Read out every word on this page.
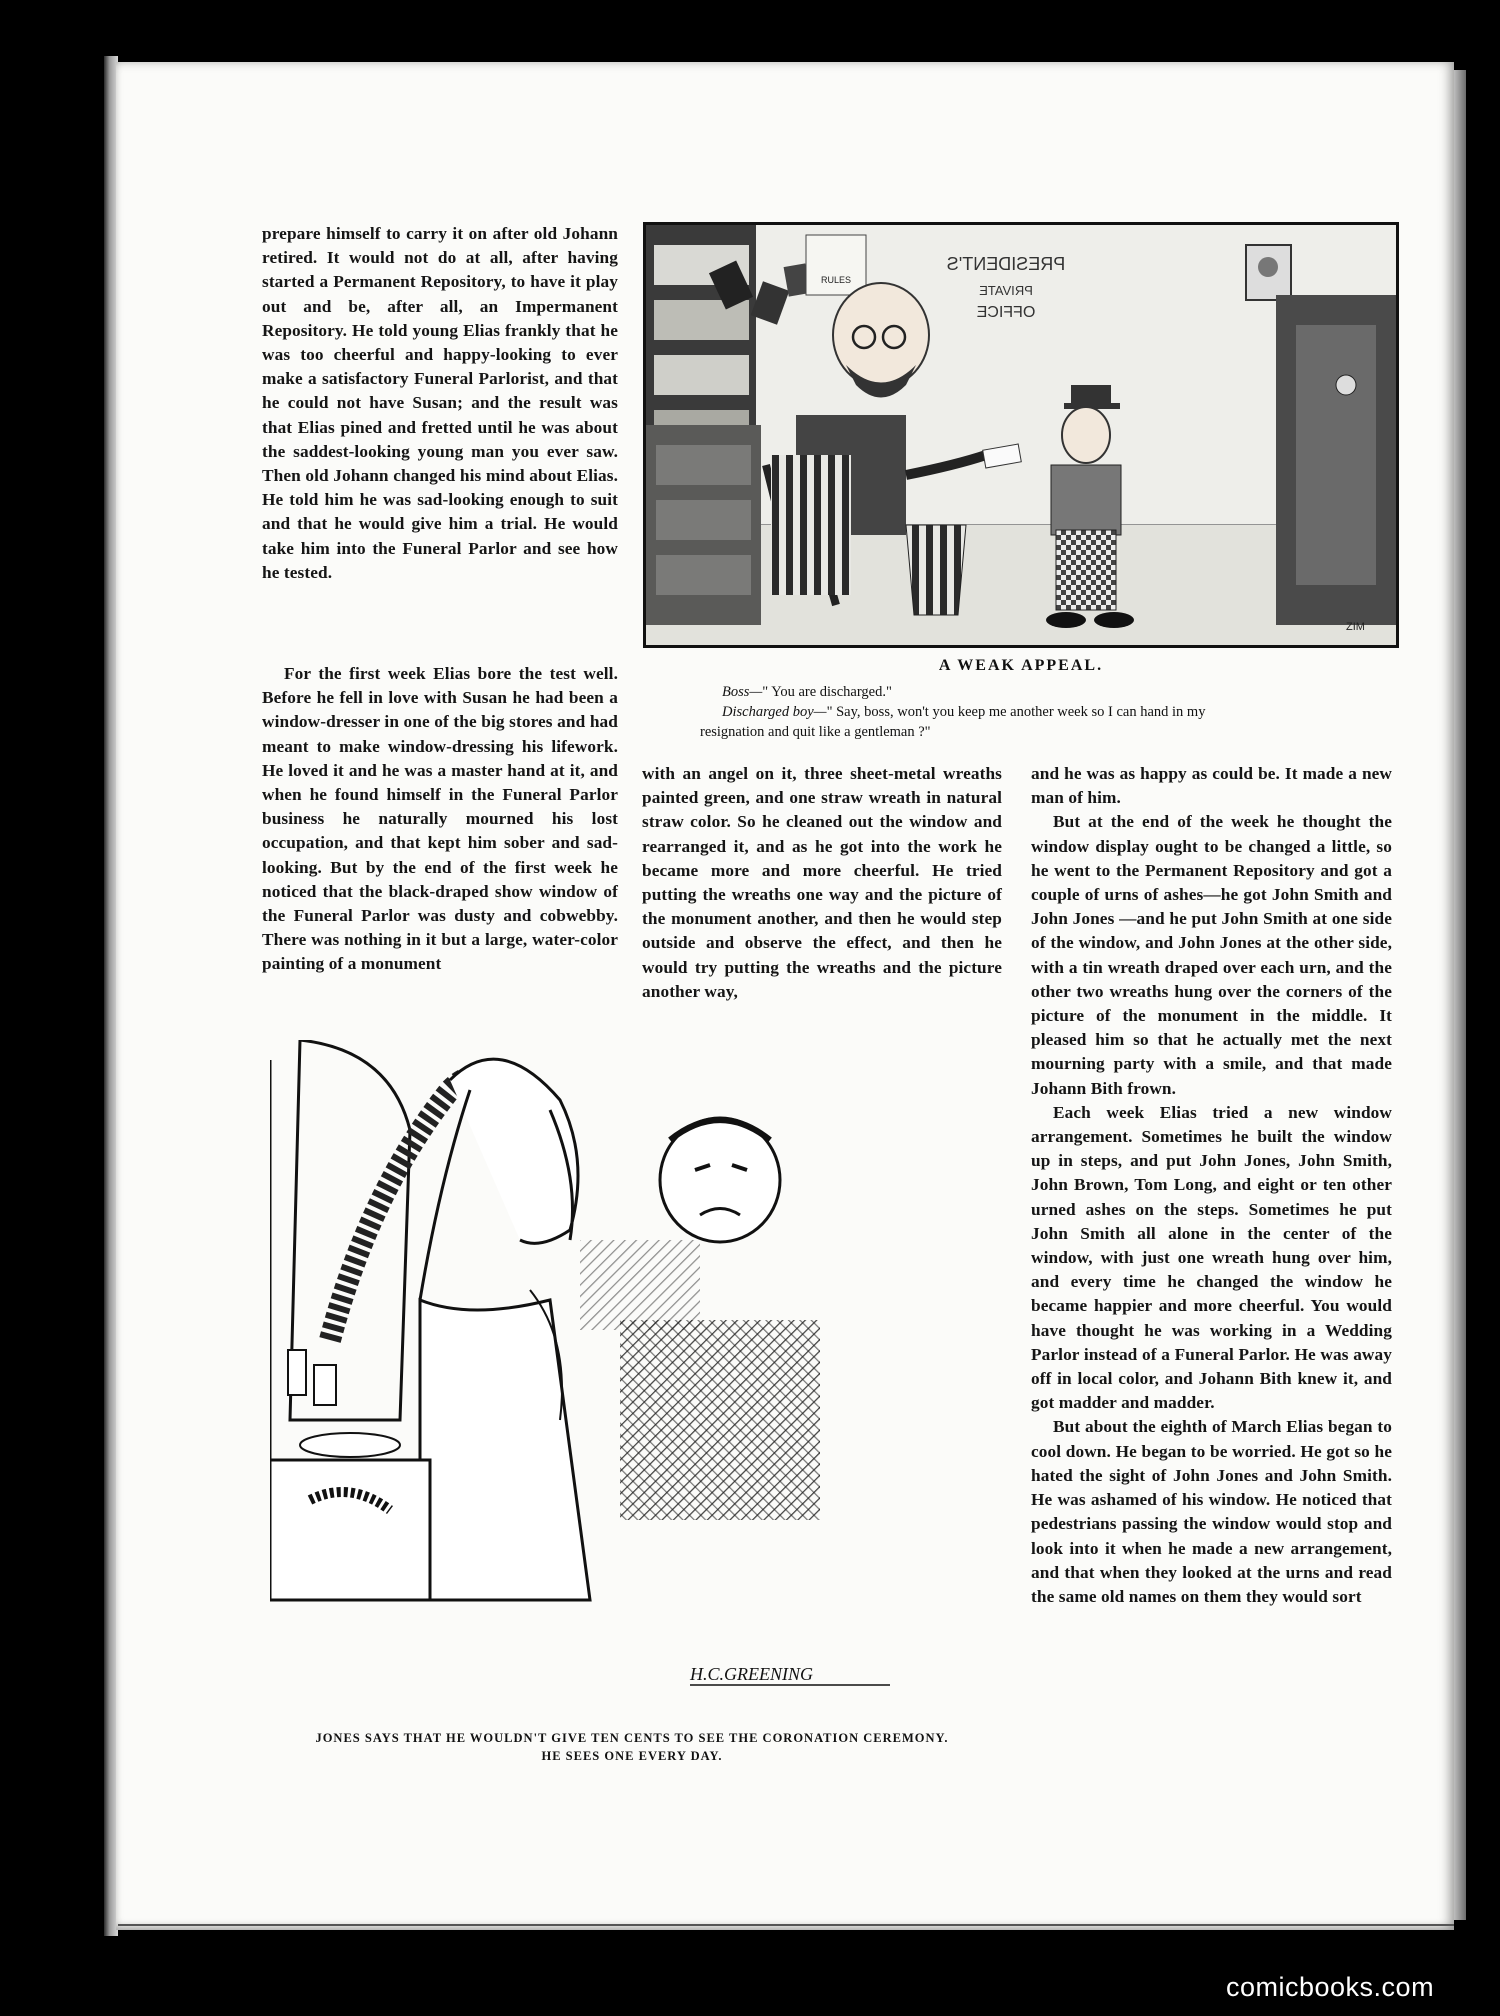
prepare himself to carry it on after old Johann retired. It would not do at all, after having started a Permanent Repository, to have it play out and be, after all, an Impermanent Repository. He told young Elias frankly that he was too cheerful and happy-looking to ever make a satisfactory Funeral Parlorist, and that he could not have Susan; and the result was that Elias pined and fretted until he was about the saddest-looking young man you ever saw. Then old Johann changed his mind about Elias. He told him he was sad-looking enough to suit and that he would give him a trial. He would take him into the Funeral Parlor and see how he tested.

For the first week Elias bore the test well. Before he fell in love with Susan he had been a window-dresser in one of the big stores and had meant to make window-dressing his lifework. He loved it and he was a master hand at it, and when he found himself in the Funeral Parlor business he naturally mourned his lost occupation, and that kept him sober and sad-looking. But by the end of the first week he noticed that the black-draped show window of the Funeral Parlor was dusty and cobwebby. There was nothing in it but a large, water-color painting of a monument

RULES
PRESIDENT'S
PRIVATE
OFFICE
ZIM
A WEAK APPEAL.
Boss—" You are discharged."
Discharged boy—" Say, boss, won't you keep me another week so I can hand in my
resignation and quit like a gentleman ?"

with an angel on it, three sheet-metal wreaths painted green, and one straw wreath in natural straw color. So he cleaned out the window and rearranged it, and as he got into the work he became more and more cheerful. He tried putting the wreaths one way and the picture of the monument another, and then he would step outside and observe the effect, and then he would try putting the wreaths and the picture another way,

and he was as happy as could be. It made a new man of him.

But at the end of the week he thought the window display ought to be changed a little, so he went to the Permanent Repository and got a couple of urns of ashes—he got John Smith and John Jones —and he put John Smith at one side of the window, and John Jones at the other side, with a tin wreath draped over each urn, and the other two wreaths hung over the corners of the picture of the monument in the middle. It pleased him so that he actually met the next mourning party with a smile, and that made Johann Bith frown.

Each week Elias tried a new window arrangement. Sometimes he built the window up in steps, and put John Jones, John Smith, John Brown, Tom Long, and eight or ten other urned ashes on the steps. Sometimes he put John Smith all alone in the center of the window, with just one wreath hung over him, and every time he changed the window he became happier and more cheerful. You would have thought he was working in a Wedding Parlor instead of a Funeral Parlor. He was away off in local color, and Johann Bith knew it, and got madder and madder.

But about the eighth of March Elias began to cool down. He began to be worried. He got so he hated the sight of John Jones and John Smith. He was ashamed of his window. He noticed that pedestrians passing the window would stop and look into it when he made a new arrangement, and that when they looked at the urns and read the same old names on them they would sort

H.C.GREENING
JONES SAYS THAT HE WOULDN'T GIVE TEN CENTS TO SEE THE CORONATION CEREMONY.
HE SEES ONE EVERY DAY.
comicbooks.com
